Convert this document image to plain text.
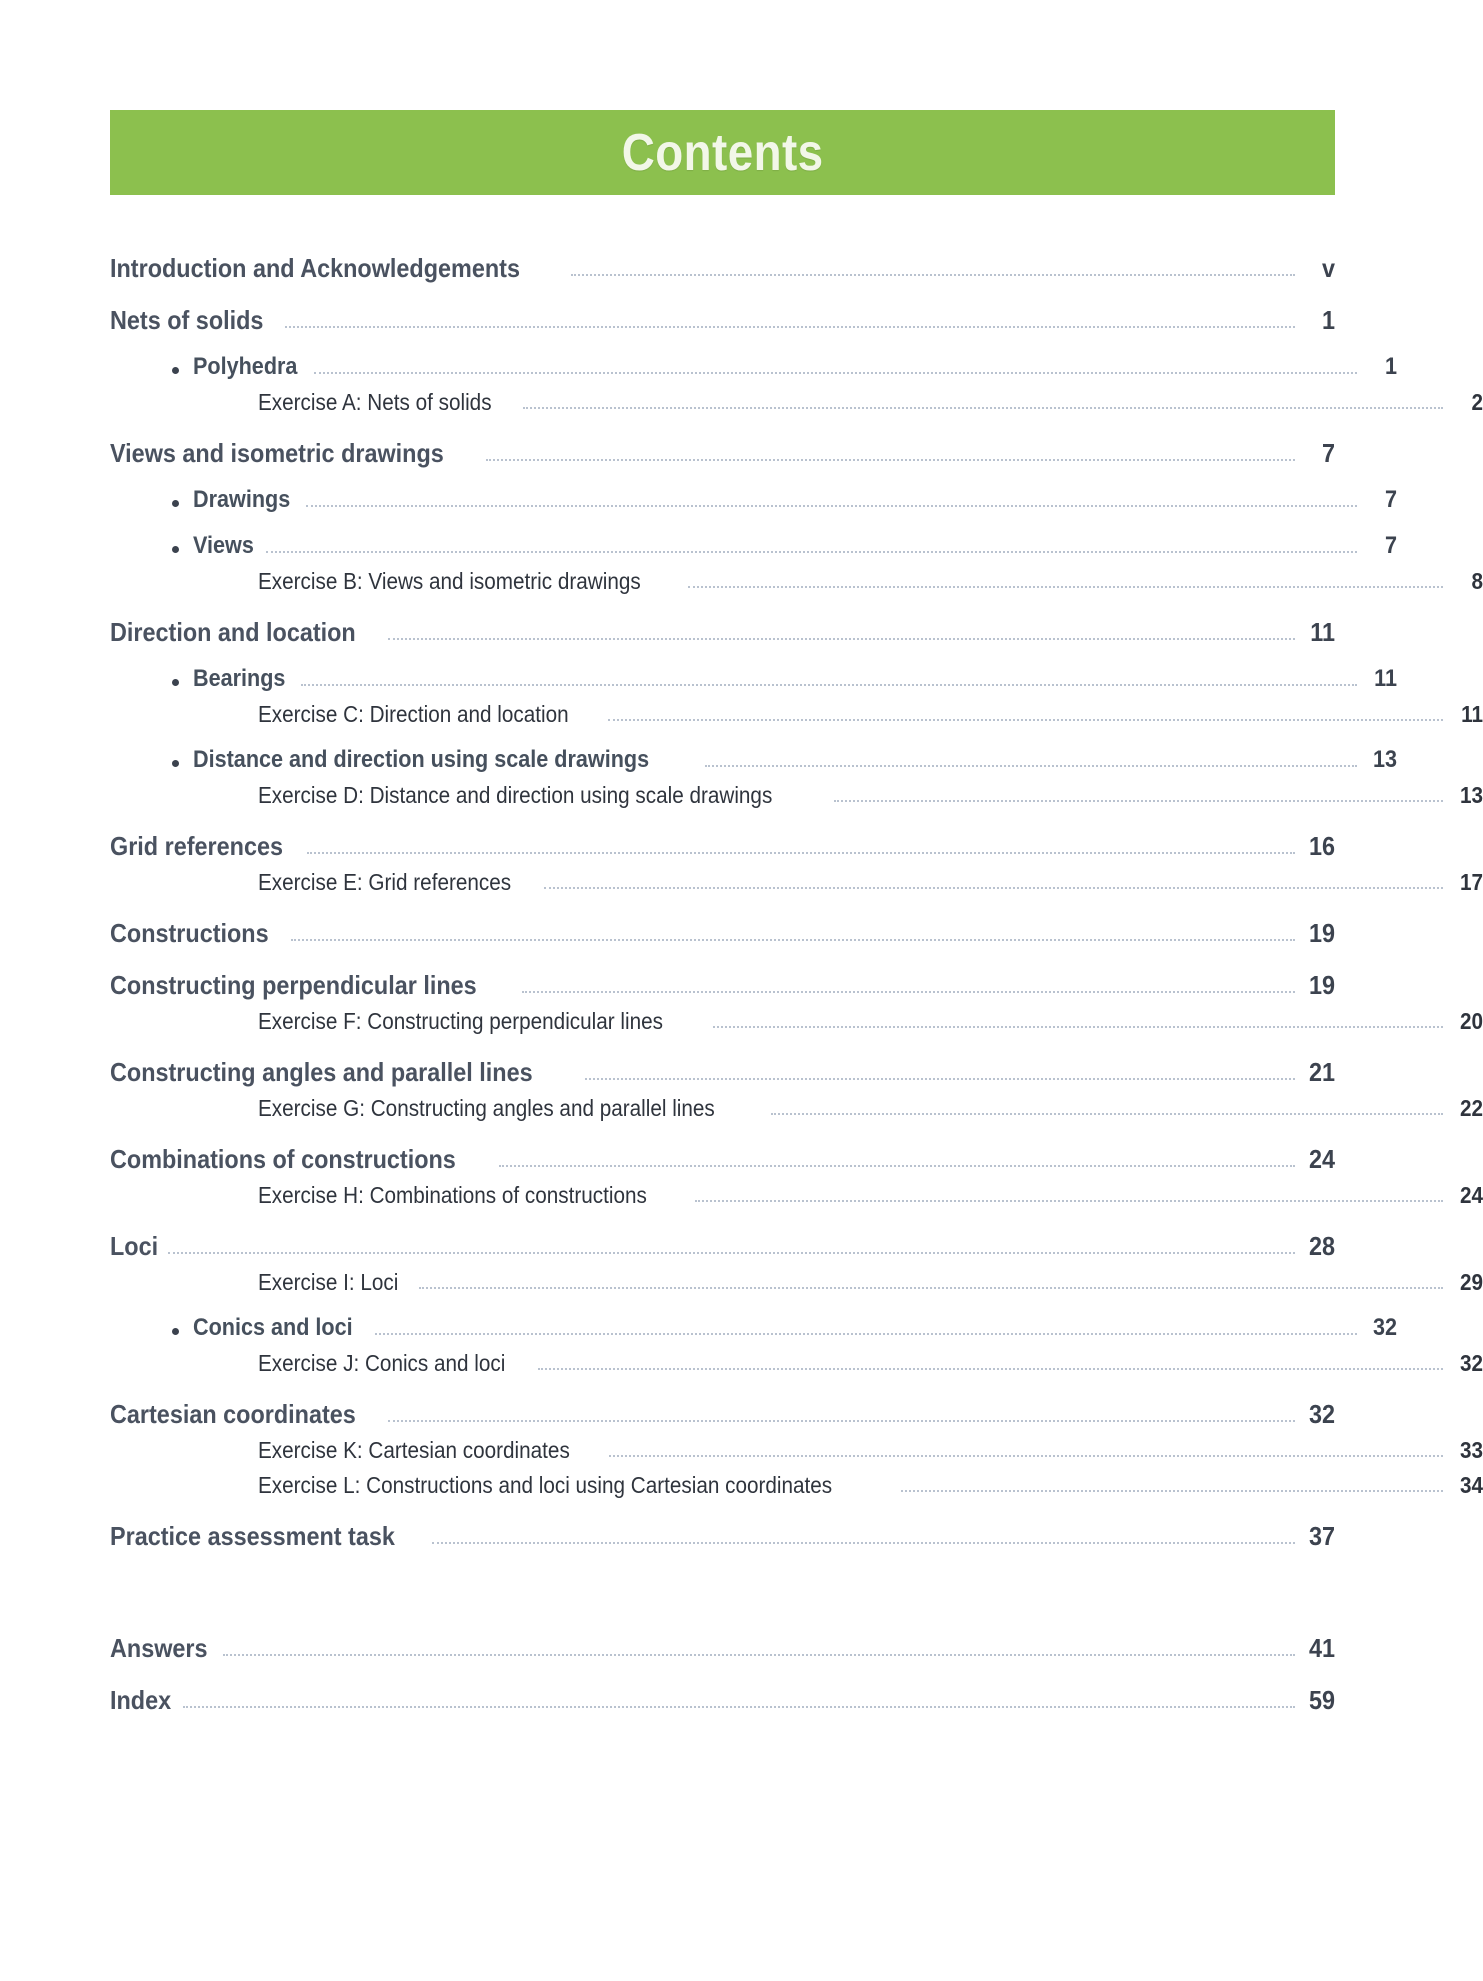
Contents
Introduction and Acknowledgements	v
Nets of solids	1
Polyhedra	1
Exercise A: Nets of solids	2
Views and isometric drawings	7
Drawings	7
Views	7
Exercise B: Views and isometric drawings	8
Direction and location	11
Bearings	11
Exercise C: Direction and location	11
Distance and direction using scale drawings	13
Exercise D: Distance and direction using scale drawings	13
Grid references	16
Exercise E: Grid references	17
Constructions	19
Constructing perpendicular lines	19
Exercise F: Constructing perpendicular lines	20
Constructing angles and parallel lines	21
Exercise G: Constructing angles and parallel lines	22
Combinations of constructions	24
Exercise H: Combinations of constructions	24
Loci	28
Exercise I: Loci	29
Conics and loci	32
Exercise J: Conics and loci	32
Cartesian coordinates	32
Exercise K: Cartesian coordinates	33
Exercise L: Constructions and loci using Cartesian coordinates	34
Practice assessment task	37
Answers	41
Index	59
